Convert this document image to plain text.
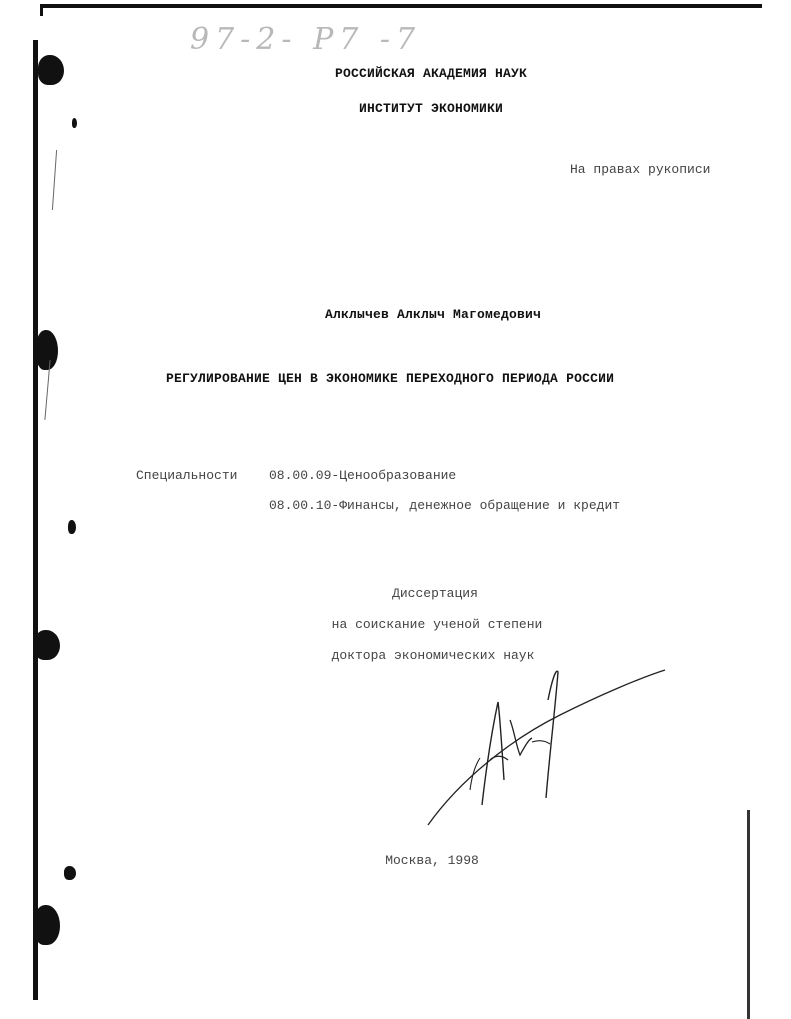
97-2- P7 -7
РОССИЙСКАЯ АКАДЕМИЯ НАУК
ИНСТИТУТ ЭКОНОМИКИ
На правах рукописи
Алклычев Алклыч Магомедович
РЕГУЛИРОВАНИЕ ЦЕН В ЭКОНОМИКЕ ПЕРЕХОДНОГО ПЕРИОДА РОССИИ
Специальности 08.00.09-Ценообразование
08.00.10-Финансы, денежное обращение и кредит
Диссертация
на соискание ученой степени
доктора экономических наук
Москва, 1998
